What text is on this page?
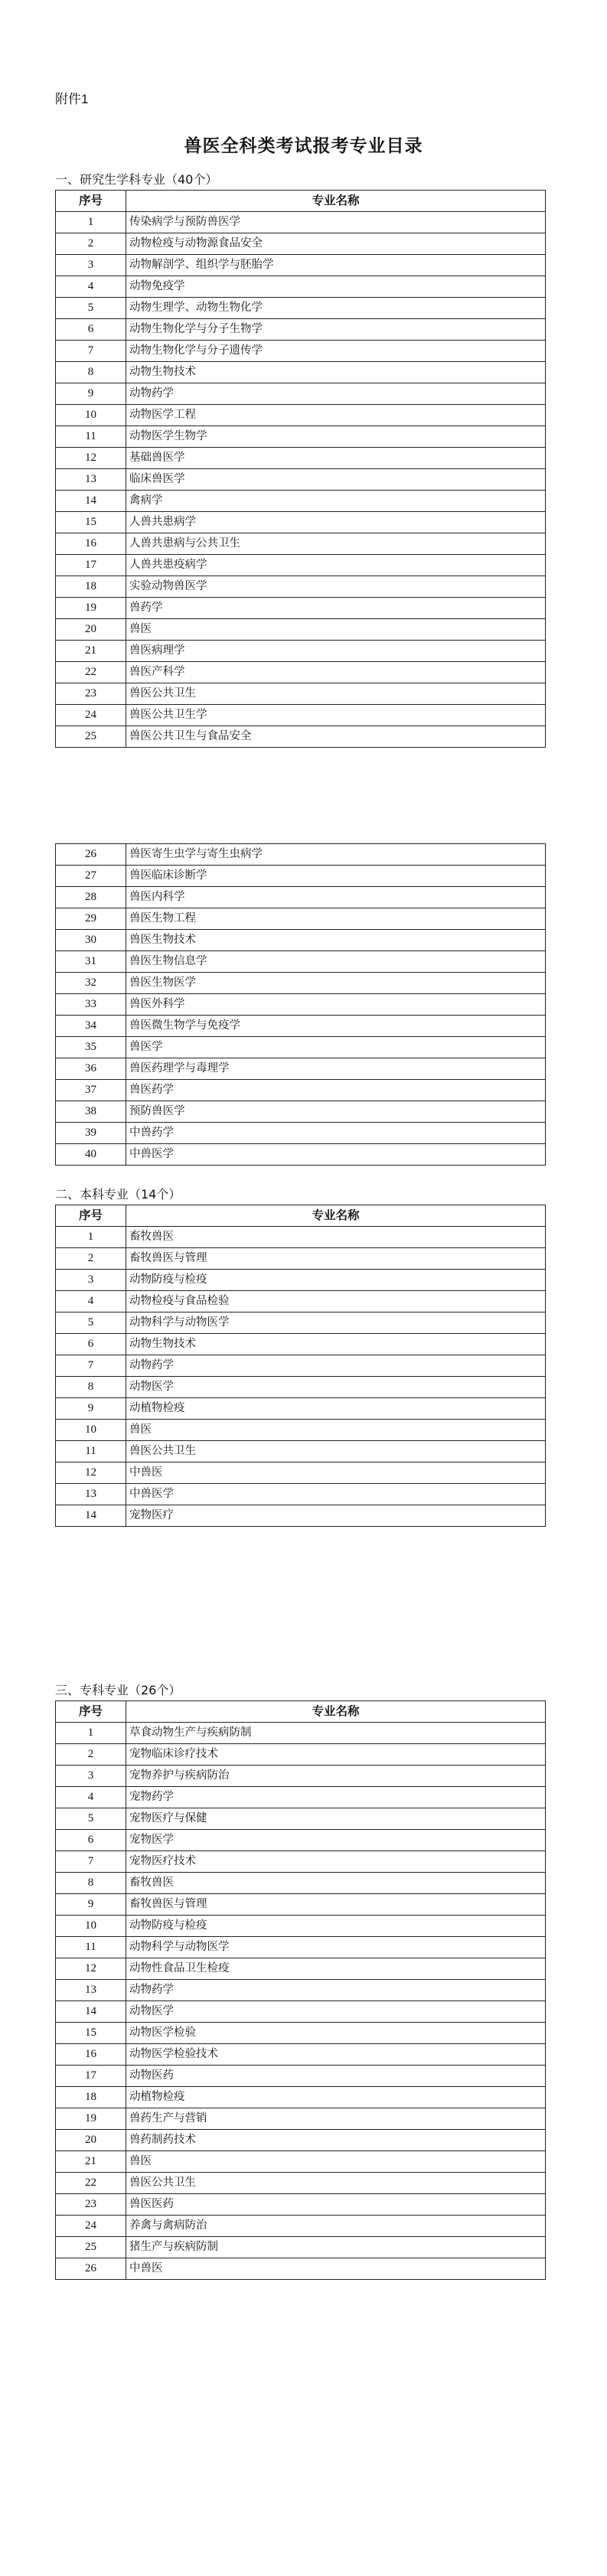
附件1
兽医全科类考试报考专业目录
一、研究生学科专业（40个）
序号	专业名称
1	传染病学与预防兽医学
2	动物检疫与动物源食品安全
3	动物解剖学、组织学与胚胎学
4	动物免疫学
5	动物生理学、动物生物化学
6	动物生物化学与分子生物学
7	动物生物化学与分子遗传学
8	动物生物技术
9	动物药学
10	动物医学工程
11	动物医学生物学
12	基础兽医学
13	临床兽医学
14	禽病学
15	人兽共患病学
16	人兽共患病与公共卫生
17	人兽共患疫病学
18	实验动物兽医学
19	兽药学
20	兽医
21	兽医病理学
22	兽医产科学
23	兽医公共卫生
24	兽医公共卫生学
25	兽医公共卫生与食品安全
26	兽医寄生虫学与寄生虫病学
27	兽医临床诊断学
28	兽医内科学
29	兽医生物工程
30	兽医生物技术
31	兽医生物信息学
32	兽医生物医学
33	兽医外科学
34	兽医微生物学与免疫学
35	兽医学
36	兽医药理学与毒理学
37	兽医药学
38	预防兽医学
39	中兽药学
40	中兽医学
二、本科专业（14个）
序号	专业名称
1	畜牧兽医
2	畜牧兽医与管理
3	动物防疫与检疫
4	动物检疫与食品检验
5	动物科学与动物医学
6	动物生物技术
7	动物药学
8	动物医学
9	动植物检疫
10	兽医
11	兽医公共卫生
12	中兽医
13	中兽医学
14	宠物医疗
三、专科专业（26个）
序号	专业名称
1	草食动物生产与疾病防制
2	宠物临床诊疗技术
3	宠物养护与疾病防治
4	宠物药学
5	宠物医疗与保健
6	宠物医学
7	宠物医疗技术
8	畜牧兽医
9	畜牧兽医与管理
10	动物防疫与检疫
11	动物科学与动物医学
12	动物性食品卫生检疫
13	动物药学
14	动物医学
15	动物医学检验
16	动物医学检验技术
17	动物医药
18	动植物检疫
19	兽药生产与营销
20	兽药制药技术
21	兽医
22	兽医公共卫生
23	兽医医药
24	养禽与禽病防治
25	猪生产与疾病防制
26	中兽医
